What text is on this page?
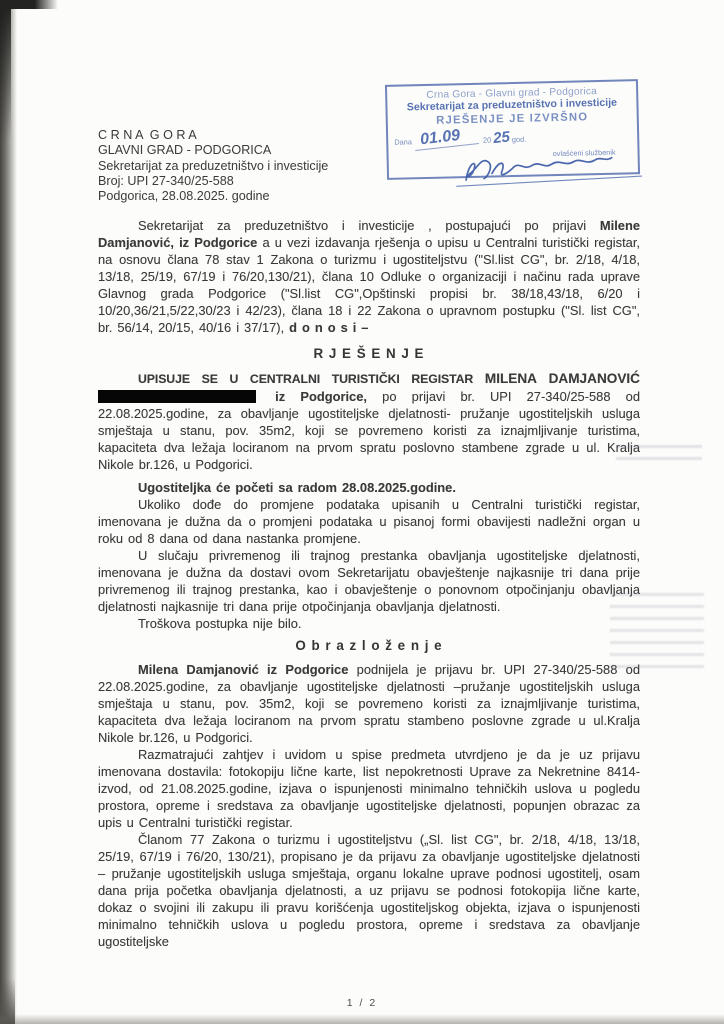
Crna Gora - Glavni grad - Podgorica
Sekretarijat za preduzetništvo i investicije
RJEŠENJE JE IZVRŠNO
Dana 01.09	20 25 god.
ovlašćeni službenik
C R N A  G O R A
GLAVNI GRAD - PODGORICA
Sekretarijat za preduzetništvo i investicije
Broj: UPI 27-340/25-588
Podgorica, 28.08.2025. godine

Sekretarijat za preduzetništvo i investicije , postupajući po prijavi Milene Damjanović, iz Podgorice a u vezi izdavanja rješenja o upisu u Centralni turistički registar, na osnovu člana 78 stav 1 Zakona o turizmu i ugostiteljstvu ("Sl.list CG", br. 2/18, 4/18, 13/18, 25/19, 67/19 i 76/20,130/21), člana 10 Odluke o organizaciji i načinu rada uprave Glavnog grada Podgorice ("Sl.list CG",Opštinski propisi br. 38/18,43/18, 6/20 i 10/20,36/21,5/22,30/23 i 42/23), člana 18 i 22 Zakona o upravnom postupku ("Sl. list CG", br. 56/14, 20/15, 40/16 i 37/17), d o n o s i –

R J E Š E N J E

UPISUJE SE U CENTRALNI TURISTIČKI REGISTAR MILENA DAMJANOVIĆ  iz Podgorice, po prijavi br. UPI 27-340/25-588 od 22.08.2025.godine, za obavljanje ugostiteljske djelatnosti- pružanje ugostiteljskih usluga smještaja u stanu, pov. 35m2, koji se povremeno koristi za iznajmljivanje turistima, kapaciteta dva ležaja lociranom na prvom spratu poslovno stambene zgrade u ul. Kralja Nikole br.126, u Podgorici.

Ugostiteljka će početi sa radom 28.08.2025.godine.

Ukoliko dođe do promjene podataka upisanih u Centralni turistički registar, imenovana je dužna da o promjeni podataka u pisanoj formi obavijesti nadležni organ u roku od 8 dana od dana nastanka promjene.

U slučaju privremenog ili trajnog prestanka obavljanja ugostiteljske djelatnosti, imenovana je dužna da dostavi ovom Sekretarijatu obavještenje najkasnije tri dana prije privremenog ili trajnog prestanka, kao i obavještenje o ponovnom otpočinjanju obavljanja djelatnosti najkasnije tri dana prije otpočinjanja obavljanja djelatnosti.

Troškova postupka nije bilo.

O b r a z l o ž e n j e

Milena Damjanović iz Podgorice podnijela je prijavu br. UPI 27-340/25-588 od 22.08.2025.godine, za obavljanje ugostiteljske djelatnosti –pružanje ugostiteljskih usluga smještaja u stanu, pov. 35m2, koji se povremeno koristi za iznajmljivanje turistima, kapaciteta dva ležaja lociranom na prvom spratu stambeno poslovne zgrade u ul.Kralja Nikole br.126, u Podgorici.

Razmatrajući zahtjev i uvidom u spise predmeta utvrdjeno je da je uz prijavu imenovana dostavila: fotokopiju lične karte, list nepokretnosti Uprave za Nekretnine 8414- izvod, od 21.08.2025.godine, izjava o ispunjenosti minimalno tehničkih uslova u pogledu prostora, opreme i sredstava za obavljanje ugostiteljske djelatnosti, popunjen obrazac za upis u Centralni turistički registar.

Članom 77 Zakona o turizmu i ugostiteljstvu („Sl. list CG", br. 2/18, 4/18, 13/18, 25/19, 67/19 i 76/20, 130/21), propisano je da prijavu za obavljanje ugostiteljske djelatnosti – pružanje ugostiteljskih usluga smještaja, organu lokalne uprave podnosi ugostitelj, osam dana prija početka obavljanja djelatnosti, a uz prijavu se podnosi fotokopija lične karte, dokaz o svojini ili zakupu ili pravu korišćenja ugostiteljskog objekta, izjava o ispunjenosti minimalno tehničkih uslova u pogledu prostora, opreme i sredstava za obavljanje ugostiteljske

1 / 2
